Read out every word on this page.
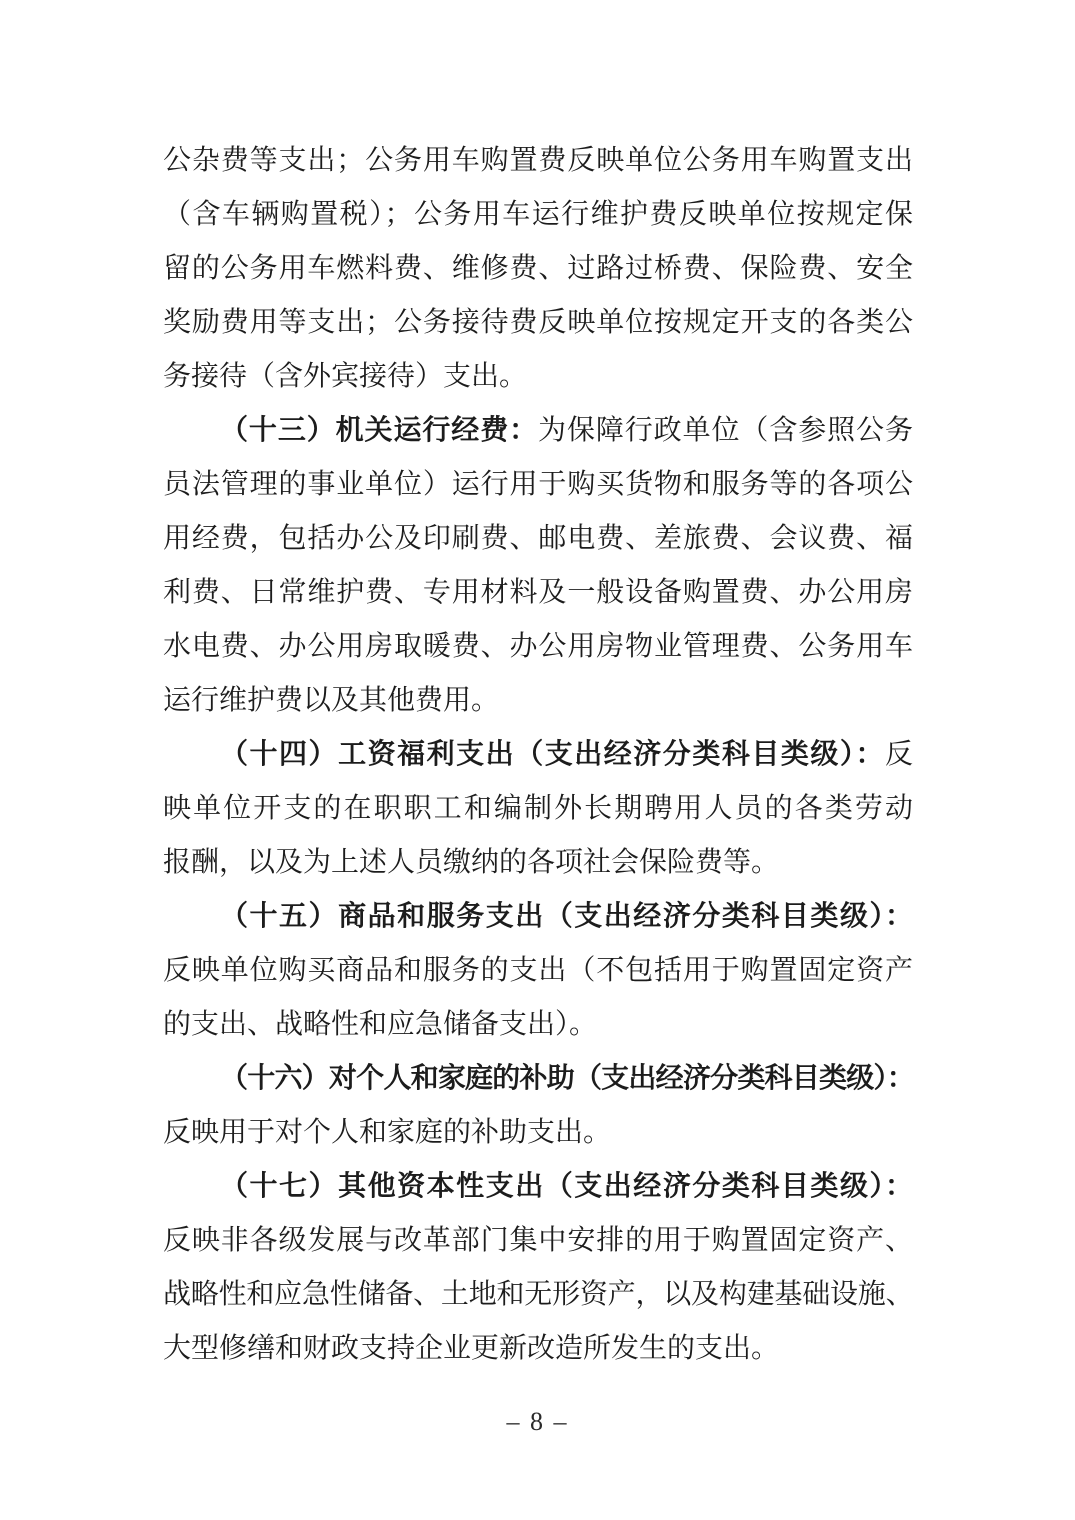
公杂费等支出；公务用车购置费反映单位公务用车购置支出
（含车辆购置税）；公务用车运行维护费反映单位按规定保
留的公务用车燃料费、维修费、过路过桥费、保险费、安全
奖励费用等支出；公务接待费反映单位按规定开支的各类公
务接待（含外宾接待）支出。
（十三）机关运行经费：为保障行政单位（含参照公务
员法管理的事业单位）运行用于购买货物和服务等的各项公
用经费，包括办公及印刷费、邮电费、差旅费、会议费、福
利费、日常维护费、专用材料及一般设备购置费、办公用房
水电费、办公用房取暖费、办公用房物业管理费、公务用车
运行维护费以及其他费用。
（十四）工资福利支出（支出经济分类科目类级）：反
映单位开支的在职职工和编制外长期聘用人员的各类劳动
报酬，以及为上述人员缴纳的各项社会保险费等。
（十五）商品和服务支出（支出经济分类科目类级）：
反映单位购买商品和服务的支出（不包括用于购置固定资产
的支出、战略性和应急储备支出）。
（十六）对个人和家庭的补助（支出经济分类科目类级）：
反映用于对个人和家庭的补助支出。
（十七）其他资本性支出（支出经济分类科目类级）：
反映非各级发展与改革部门集中安排的用于购置固定资产、
战略性和应急性储备、土地和无形资产，以及构建基础设施、
大型修缮和财政支持企业更新改造所发生的支出。
– 8 –
